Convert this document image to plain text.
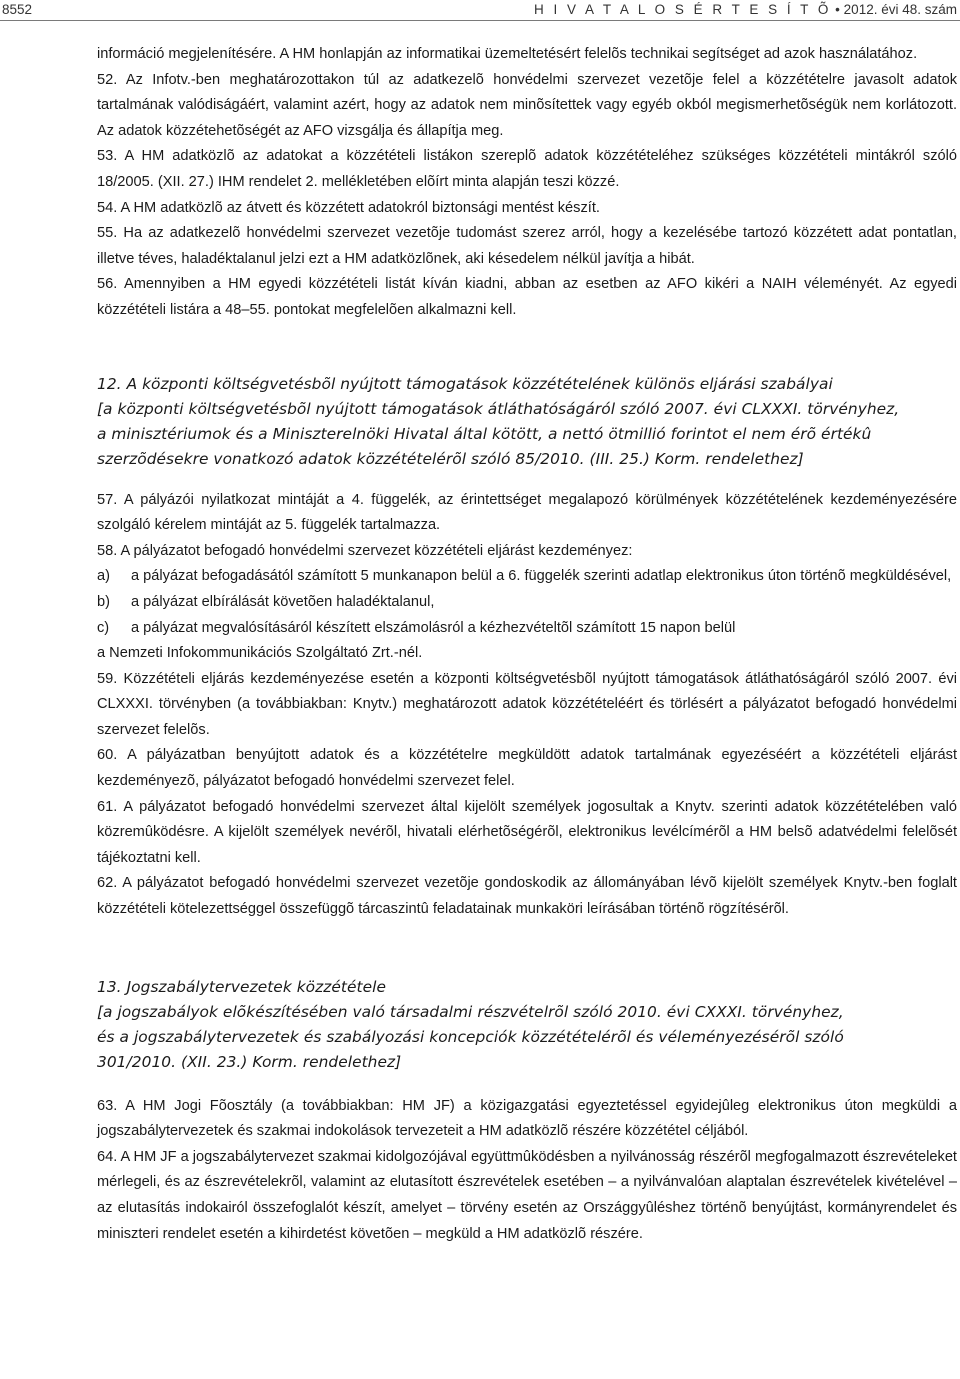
8552	H I V A T A L O S É R T E S Í T Õ • 2012. évi 48. szám

információ megjelenítésére. A HM honlapján az informatikai üzemeltetésért felelõs technikai segítséget ad azok használatához.

52. Az Infotv.-ben meghatározottakon túl az adatkezelõ honvédelmi szervezet vezetõje felel a közzétételre javasolt adatok tartalmának valódiságáért, valamint azért, hogy az adatok nem minõsítettek vagy egyéb okból megismerhetõségük nem korlátozott. Az adatok közzétehetõségét az AFO vizsgálja és állapítja meg.

53. A HM adatközlõ az adatokat a közzétételi listákon szereplõ adatok közzétételéhez szükséges közzétételi mintákról szóló 18/2005. (XII. 27.) IHM rendelet 2. mellékletében elõírt minta alapján teszi közzé.

54. A HM adatközlõ az átvett és közzétett adatokról biztonsági mentést készít.

55. Ha az adatkezelõ honvédelmi szervezet vezetõje tudomást szerez arról, hogy a kezelésébe tartozó közzétett adat pontatlan, illetve téves, haladéktalanul jelzi ezt a HM adatközlõnek, aki késedelem nélkül javítja a hibát.

56. Amennyiben a HM egyedi közzétételi listát kíván kiadni, abban az esetben az AFO kikéri a NAIH véleményét. Az egyedi közzétételi listára a 48–55. pontokat megfelelõen alkalmazni kell.

12. A központi költségvetésbõl nyújtott támogatások közzétételének különös eljárási szabályai

[a központi költségvetésbõl nyújtott támogatások átláthatóságáról szóló 2007. évi CLXXXI. törvényhez,

a minisztériumok és a Miniszterelnöki Hivatal által kötött, a nettó ötmillió forintot el nem érõ értékû

szerzõdésekre vonatkozó adatok közzétételérõl szóló 85/2010. (III. 25.) Korm. rendelethez]

57. A pályázói nyilatkozat mintáját a 4. függelék, az érintettséget megalapozó körülmények közzétételének kezdeményezésére szolgáló kérelem mintáját az 5. függelék tartalmazza.

58. A pályázatot befogadó honvédelmi szervezet közzétételi eljárást kezdeményez:

a)	a pályázat befogadásától számított 5 munkanapon belül a 6. függelék szerinti adatlap elektronikus úton történõ megküldésével,
b)	a pályázat elbírálását követõen haladéktalanul,
c)	a pályázat megvalósításáról készített elszámolásról a kézhezvételtõl számított 15 napon belül

a Nemzeti Infokommunikációs Szolgáltató Zrt.-nél.

59. Közzétételi eljárás kezdeményezése esetén a központi költségvetésbõl nyújtott támogatások átláthatóságáról szóló 2007. évi CLXXXI. törvényben (a továbbiakban: Knytv.) meghatározott adatok közzétételéért és törlésért a pályázatot befogadó honvédelmi szervezet felelõs.

60. A pályázatban benyújtott adatok és a közzétételre megküldött adatok tartalmának egyezéséért a közzétételi eljárást kezdeményezõ, pályázatot befogadó honvédelmi szervezet felel.

61. A pályázatot befogadó honvédelmi szervezet által kijelölt személyek jogosultak a Knytv. szerinti adatok közzétételében való közremûködésre. A kijelölt személyek nevérõl, hivatali elérhetõségérõl, elektronikus levélcímérõl a HM belsõ adatvédelmi felelõsét tájékoztatni kell.

62. A pályázatot befogadó honvédelmi szervezet vezetõje gondoskodik az állományában lévõ kijelölt személyek Knytv.-ben foglalt közzétételi kötelezettséggel összefüggõ tárcaszintû feladatainak munkaköri leírásában történõ rögzítésérõl.

13. Jogszabálytervezetek közzététele

[a jogszabályok elõkészítésében való társadalmi részvételrõl szóló 2010. évi CXXXI. törvényhez,

és a jogszabálytervezetek és szabályozási koncepciók közzétételérõl és véleményezésérõl szóló

301/2010. (XII. 23.) Korm. rendelethez]

63. A HM Jogi Fõosztály (a továbbiakban: HM JF) a közigazgatási egyeztetéssel egyidejûleg elektronikus úton megküldi a jogszabálytervezetek és szakmai indokolások tervezeteit a HM adatközlõ részére közzététel céljából.

64. A HM JF a jogszabálytervezet szakmai kidolgozójával együttmûködésben a nyilvánosság részérõl megfogalmazott észrevételeket mérlegeli, és az észrevételekrõl, valamint az elutasított észrevételek esetében – a nyilvánvalóan alaptalan észrevételek kivételével – az elutasítás indokairól összefoglalót készít, amelyet – törvény esetén az Országgyûléshez történõ benyújtást, kormányrendelet és miniszteri rendelet esetén a kihirdetést követõen – megküld a HM adatközlõ részére.
